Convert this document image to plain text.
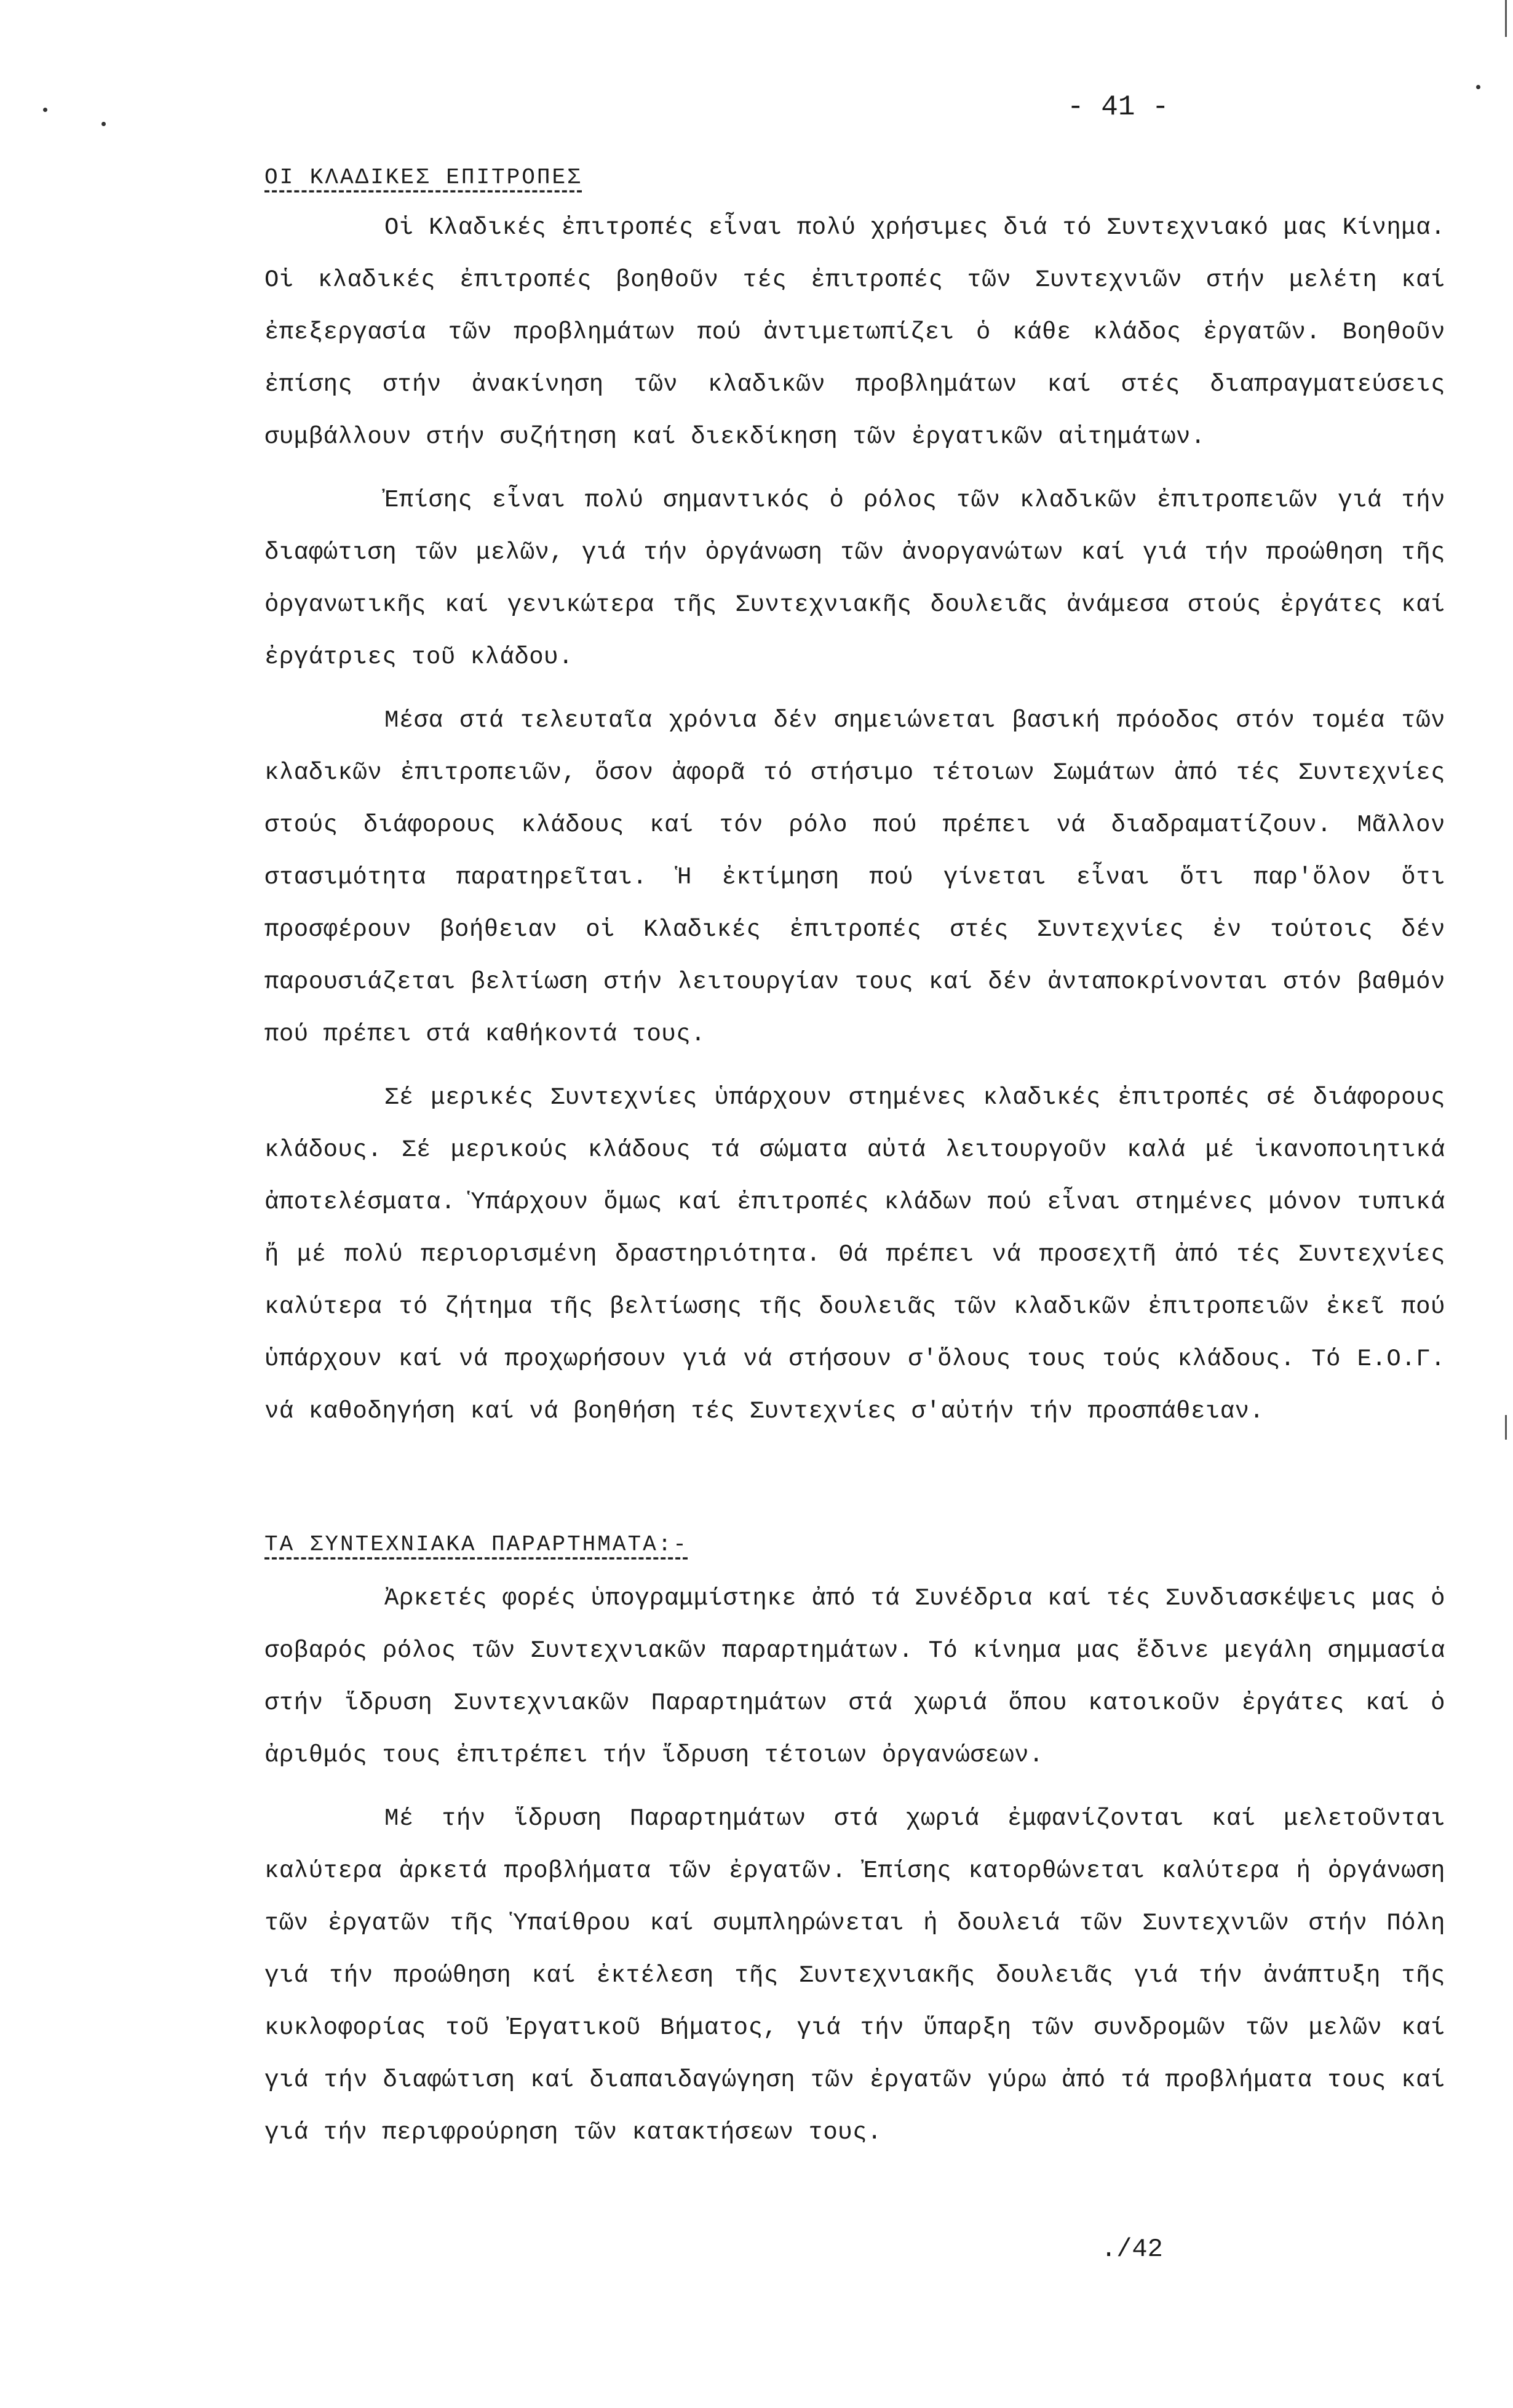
- 41 -
ΟΙ ΚΛΑΔΙΚΕΣ ΕΠΙΤΡΟΠΕΣ

Οἱ Κλαδικές ἐπιτροπές εἶναι πολύ χρήσιμες διά τό Συντεχνιακό μας Κίνημα. Οἱ κλαδικές ἐπιτροπές βοηθοῦν τές ἐπιτροπές τῶν Συντεχνιῶν στήν μελέτη καί ἐπεξεργασία τῶν προβλημάτων πού ἀντιμετωπίζει ὁ κάθε κλάδος ἐργατῶν. Βοηθοῦν ἐπίσης στήν ἀνακίνηση τῶν κλαδικῶν προβλημάτων καί στές διαπραγματεύσεις συμβάλλουν στήν συζήτηση καί διεκδίκηση τῶν ἐργατικῶν αἰτημάτων.

Ἐπίσης εἶναι πολύ σημαντικός ὁ ρόλος τῶν κλαδικῶν ἐπιτροπειῶν γιά τήν διαφώτιση τῶν μελῶν, γιά τήν ὀργάνωση τῶν ἀνοργανώτων καί γιά τήν προώθηση τῆς ὀργανωτικῆς καί γενικώτερα τῆς Συντεχνιακῆς δουλειᾶς ἀνάμεσα στούς ἐργάτες καί ἐργάτριες τοῦ κλάδου.

Μέσα στά τελευταῖα χρόνια δέν σημειώνεται βασική πρόοδος στόν τομέα τῶν κλαδικῶν ἐπιτροπειῶν, ὅσον ἀφορᾶ τό στήσιμο τέτοιων Σωμάτων ἀπό τές Συντεχνίες στούς διάφορους κλάδους καί τόν ρόλο πού πρέπει νά διαδραματίζουν. Μᾶλλον στασιμότητα παρατηρεῖται. Ἡ ἐκτίμηση πού γίνεται εἶναι ὅτι παρ'ὅλον ὅτι προσφέρουν βοήθειαν οἱ Κλαδικές ἐπιτροπές στές Συντεχνίες ἐν τούτοις δέν παρουσιάζεται βελτίωση στήν λειτουργίαν τους καί δέν ἀνταποκρίνονται στόν βαθμόν πού πρέπει στά καθήκοντά τους.

Σέ μερικές Συντεχνίες ὑπάρχουν στημένες κλαδικές ἐπιτροπές σέ διάφορους κλάδους. Σέ μερικούς κλάδους τά σώματα αὐτά λειτουργοῦν καλά μέ ἱκανοποιητικά ἀποτελέσματα. Ὑπάρχουν ὅμως καί ἐπιτροπές κλάδων πού εἶναι στημένες μόνον τυπικά ἤ μέ πολύ περιορισμένη δραστηριότητα. Θά πρέπει νά προσεχτῆ ἀπό τές Συντεχνίες καλύτερα τό ζήτημα τῆς βελτίωσης τῆς δουλειᾶς τῶν κλαδικῶν ἐπιτροπειῶν ἐκεῖ πού ὑπάρχουν καί νά προχωρήσουν γιά νά στήσουν σ'ὅλους τους τούς κλάδους. Τό Ε.Ο.Γ. νά καθοδηγήση καί νά βοηθήση τές Συντεχνίες σ'αὐτήν τήν προσπάθειαν.

ΤΑ ΣΥΝΤΕΧΝΙΑΚΑ ΠΑΡΑΡΤΗΜΑΤΑ:-

Ἀρκετές φορές ὑπογραμμίστηκε ἀπό τά Συνέδρια καί τές Συνδιασκέψεις μας ὁ σοβαρός ρόλος τῶν Συντεχνιακῶν παραρτημάτων. Τό κίνημα μας ἔδινε μεγάλη σημμασία στήν ἵδρυση Συντεχνιακῶν Παραρτημάτων στά χωριά ὅπου κατοικοῦν ἐργάτες καί ὁ ἀριθμός τους ἐπιτρέπει τήν ἵδρυση τέτοιων ὀργανώσεων.

Μέ τήν ἵδρυση Παραρτημάτων στά χωριά ἐμφανίζονται καί μελετοῦνται καλύτερα ἀρκετά προβλήματα τῶν ἐργατῶν. Ἐπίσης κατορθώνεται καλύτερα ἡ ὀργάνωση τῶν ἐργατῶν τῆς Ὑπαίθρου καί συμπληρώνεται ἡ δουλειά τῶν Συντεχνιῶν στήν Πόλη γιά τήν προώθηση καί ἐκτέλεση τῆς Συντεχνιακῆς δουλειᾶς γιά τήν ἀνάπτυξη τῆς κυκλοφορίας τοῦ Ἐργατικοῦ Βήματος, γιά τήν ὕπαρξη τῶν συνδρομῶν τῶν μελῶν καί γιά τήν διαφώτιση καί διαπαιδαγώγηση τῶν ἐργατῶν γύρω ἀπό τά προβλήματα τους καί γιά τήν περιφρούρηση τῶν κατακτήσεων τους.

./42
